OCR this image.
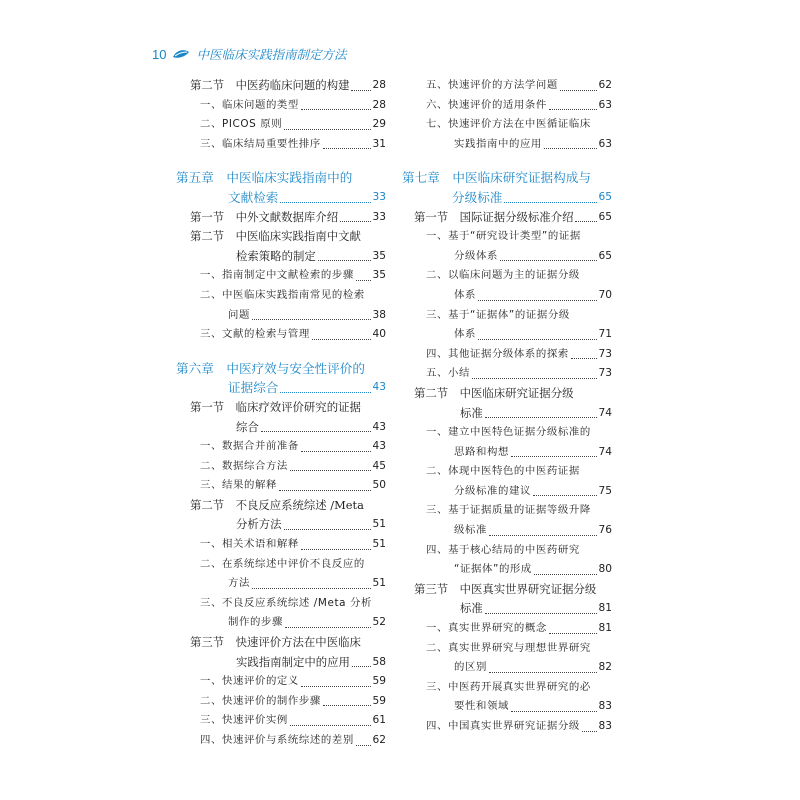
10 中医临床实践指南制定方法
第二节　中医药临床问题的构建 28
一、临床问题的类型	28
二、PICOS 原则	29
三、临床结局重要性排序	31
第五章　中医临床实践指南中的
文献检索	33
第一节　中外文献数据库介绍	33
第二节　中医临床实践指南中文献
检索策略的制定	35
一、指南制定中文献检索的步骤 35
二、中医临床实践指南常见的检索
问题	38
三、文献的检索与管理	40
第六章　中医疗效与安全性评价的
证据综合	43
第一节　临床疗效评价研究的证据
综合	43
一、数据合并前准备	43
二、数据综合方法	45
三、结果的解释	50
第二节　不良反应系统综述 /Meta
分析方法	51
一、相关术语和解释	51
二、在系统综述中评价不良反应的
方法	51
三、不良反应系统综述 /Meta 分析
制作的步骤	52
第三节　快速评价方法在中医临床
实践指南制定中的应用 58
一、快速评价的定义	59
二、快速评价的制作步骤	59
三、快速评价实例	61
四、快速评价与系统综述的差别 62
五、快速评价的方法学问题	62
六、快速评价的适用条件	63
七、快速评价方法在中医循证临床
实践指南中的应用	63
第七章　中医临床研究证据构成与
分级标准	65
第一节　国际证据分级标准介绍 65
一、基于“研究设计类型”的证据
分级体系	65
二、以临床问题为主的证据分级
体系	70
三、基于“证据体”的证据分级
体系	71
四、其他证据分级体系的探索	73
五、小结	73
第二节　中医临床研究证据分级
标准	74
一、建立中医特色证据分级标准的
思路和构想	74
二、体现中医特色的中医药证据
分级标准的建议	75
三、基于证据质量的证据等级升降
级标准	76
四、基于核心结局的中医药研究
“证据体”的形成	80
第三节　中医真实世界研究证据分级
标准	81
一、真实世界研究的概念	81
二、真实世界研究与理想世界研究
的区别	82
三、中医药开展真实世界研究的必
要性和领域	83
四、中国真实世界研究证据分级 83
